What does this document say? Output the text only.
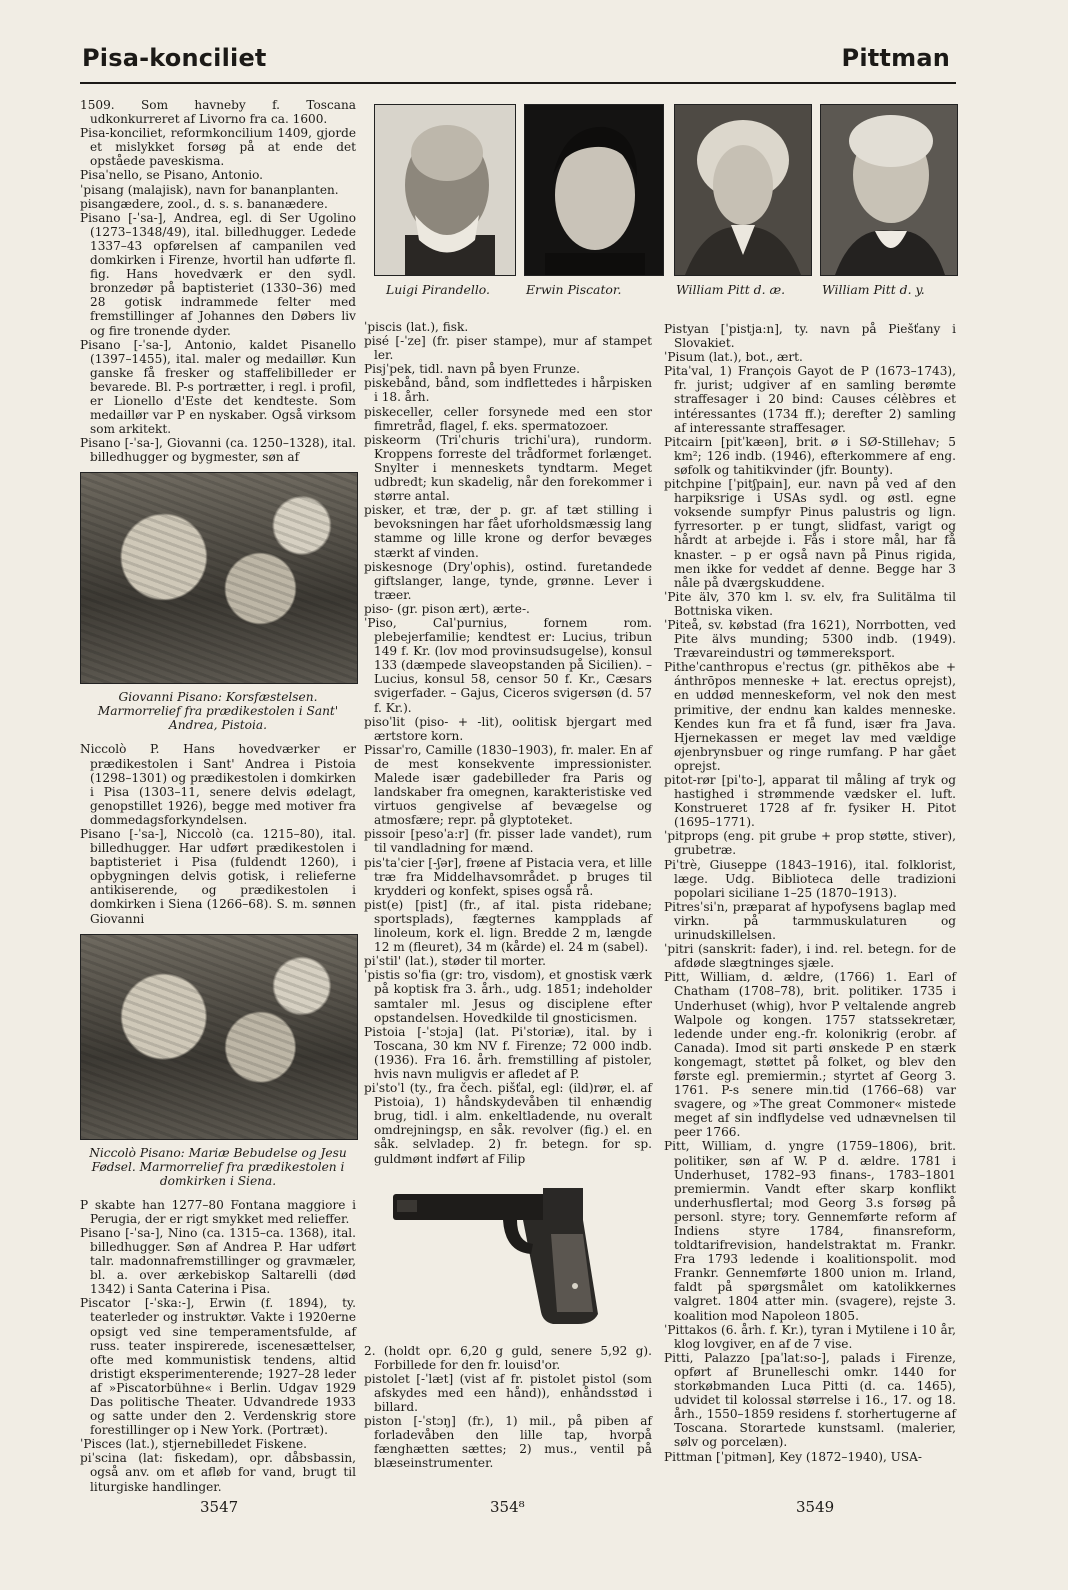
Pisa-konciliet	Pittman

1509. Som havneby f. Toscana udkonkurreret af Livorno fra ca. 1600.

Pisa-konciliet, reformkoncilium 1409, gjorde et mislykket forsøg på at ende det opståede paveskisma.

Pisaˈnello, se Pisano, Antonio.

ˈpisang (malajisk), navn for bananplanten.

pisangædere, zool., d. s. s. bananædere.

Pisano [-ˈsa-], Andrea, egl. di Ser Ugolino (1273–1348/49), ital. billedhugger. Ledede 1337–43 opførelsen af campanilen ved domkirken i Firenze, hvortil han udførte fl. fig. Hans hovedværk er den sydl. bronzedør på baptisteriet (1330–36) med 28 gotisk indrammede felter med fremstillinger af Johannes den Døbers liv og fire tronende dyder.

Pisano [-ˈsa-], Antonio, kaldet Pisanello (1397–1455), ital. maler og medaillør. Kun ganske få fresker og staffelibilleder er bevarede. Bl. P-s portrætter, i regl. i profil, er Lionello d'Este det kendteste. Som medaillør var P en nyskaber. Også virksom som arkitekt.

Pisano [-ˈsa-], Giovanni (ca. 1250–1328), ital. billedhugger og bygmester, søn af

Giovanni Pisano: Korsfæstelsen. Marmorrelief fra prædikestolen i Sant' Andrea, Pistoia.

Niccolò P. Hans hovedværker er prædikestolen i Sant' Andrea i Pistoia (1298–1301) og prædikestolen i domkirken i Pisa (1303–11, senere delvis ødelagt, genopstillet 1926), begge med motiver fra dommedagsforkyndelsen.

Pisano [-ˈsa-], Niccolò (ca. 1215–80), ital. billedhugger. Har udført prædikestolen i baptisteriet i Pisa (fuldendt 1260), i opbygningen delvis gotisk, i relieferne antikiserende, og prædikestolen i domkirken i Siena (1266–68). S. m. sønnen Giovanni

Niccolò Pisano: Mariæ Bebudelse og Jesu Fødsel. Marmorrelief fra prædikestolen i domkirken i Siena.

P skabte han 1277–80 Fontana maggiore i Perugia, der er rigt smykket med relieffer.

Pisano [-ˈsa-], Nino (ca. 1315–ca. 1368), ital. billedhugger. Søn af Andrea P. Har udført talr. madonnafremstillinger og gravmæler, bl. a. over ærkebiskop Saltarelli (død 1342) i Santa Caterina i Pisa.

Piscator [-ˈska:-], Erwin (f. 1894), ty. teaterleder og instruktør. Vakte i 1920erne opsigt ved sine temperamentsfulde, af russ. teater inspirerede, iscenesættelser, ofte med kommunistisk tendens, altid dristigt eksperimenterende; 1927–28 leder af »Piscatorbühne« i Berlin. Udgav 1929 Das politische Theater. Udvandrede 1933 og satte under den 2. Verdenskrig store forestillinger op i New York. (Portræt).

ˈPisces (lat.), stjernebilledet Fiskene.

piˈscina (lat: fiskedam), opr. dåbsbassin, også anv. om et afløb for vand, brugt til liturgiske handlinger.

Luigi Pirandello.	Erwin Piscator.	William Pitt d. æ.	William Pitt d. y.

ˈpiscis (lat.), fisk.

pisé [-ˈze] (fr. piser stampe), mur af stampet ler.

Pisjˈpek, tidl. navn på byen Frunze.

piskebånd, bånd, som indflettedes i hårpisken i 18. årh.

piskeceller, celler forsynede med een stor fimretråd, flagel, f. eks. spermatozoer.

piskeorm (Triˈchuris trichiˈura), rundorm. Kroppens forreste del trådformet forlænget. Snylter i menneskets tyndtarm. Meget udbredt; kun skadelig, når den forekommer i større antal.

pisker, et træ, der p. gr. af tæt stilling i bevoksningen har fået uforholdsmæssig lang stamme og lille krone og derfor bevæges stærkt af vinden.

piskesnoge (Dryˈophis), ostind. furetandede giftslanger, lange, tynde, grønne. Lever i træer.

piso- (gr. pison ært), ærte-.

ˈPiso, Calˈpurnius, fornem rom. plebejerfamilie; kendtest er: Lucius, tribun 149 f. Kr. (lov mod provinsudsugelse), konsul 133 (dæmpede slaveopstanden på Sicilien). – Lucius, konsul 58, censor 50 f. Kr., Cæsars svigerfader. – Gajus, Ciceros svigersøn (d. 57 f. Kr.).

pisoˈlit (piso- + -lit), oolitisk bjergart med ærtstore korn.

Pissarˈro, Camille (1830–1903), fr. maler. En af de mest konsekvente impressionister. Malede især gadebilleder fra Paris og landskaber fra omegnen, karakteristiske ved virtuos gengivelse af bevægelse og atmosfære; repr. på glyptoteket.

pissoir [pesoˈa:r] (fr. pisser lade vandet), rum til vandladning for mænd.

pisˈtaˈcier [-ʃər], frøene af Pistacia vera, et lille træ fra Middelhavsområdet. p bruges til krydderi og konfekt, spises også rå.

pist(e) [pist] (fr., af ital. pista ridebane; sportsplads), fægternes kampplads af linoleum, kork el. lign. Bredde 2 m, længde 12 m (fleuret), 34 m (kårde) el. 24 m (sabel).

piˈstil' (lat.), støder til morter.

ˈpistis soˈfia (gr: tro, visdom), et gnostisk værk på koptisk fra 3. årh., udg. 1851; indeholder samtaler ml. Jesus og disciplene efter opstandelsen. Hovedkilde til gnosticismen.

Pistoia [-ˈstɔja] (lat. Piˈstoriæ), ital. by i Toscana, 30 km NV f. Firenze; 72 000 indb. (1936). Fra 16. årh. fremstilling af pistoler, hvis navn muligvis er afledet af P.

piˈstoˈl (ty., fra čech. pišťal, egl: (ild)rør, el. af Pistoia), 1) håndskydevåben til enhændig brug, tidl. i alm. enkeltladende, nu overalt omdrejningsp, en såk. revolver (fig.) el. en såk. selvladep. 2) fr. betegn. for sp. guldmønt indført af Filip

2. (holdt opr. 6,20 g guld, senere 5,92 g). Forbillede for den fr. louisd'or.

pistolet [-ˈlæt] (vist af fr. pistolet pistol (som afskydes med een hånd)), enhåndsstød i billard.

piston [-ˈstɔŋ] (fr.), 1) mil., på piben af forladevåben den lille tap, hvorpå fænghætten sættes; 2) mus., ventil på blæseinstrumenter.

Pistyan [ˈpistja:n], ty. navn på Piešťany i Slovakiet.

ˈPisum (lat.), bot., ært.

Pitaˈval, 1) François Gayot de P (1673–1743), fr. jurist; udgiver af en samling berømte straffesager i 20 bind: Causes célèbres et intéressantes (1734 ff.); derefter 2) samling af interessante straffesager.

Pitcairn [pitˈkæən], brit. ø i SØ-Stillehav; 5 km²; 126 indb. (1946), efterkommere af eng. søfolk og tahitikvinder (jfr. Bounty).

pitchpine [ˈpitʃpain], eur. navn på ved af den harpiksrige i USAs sydl. og østl. egne voksende sumpfyr Pinus palustris og lign. fyrresorter. p er tungt, slidfast, varigt og hårdt at arbejde i. Fås i store mål, har få knaster. – p er også navn på Pinus rigida, men ikke for veddet af denne. Begge har 3 nåle på dværgskuddene.

ˈPite älv, 370 km l. sv. elv, fra Sulitälma til Bottniska viken.

ˈPiteå, sv. købstad (fra 1621), Norrbotten, ved Pite älvs munding; 5300 indb. (1949). Trævareindustri og tømmereksport.

Pitheˈcanthropus eˈrectus (gr. pithēkos abe + ánthrōpos menneske + lat. erectus oprejst), en uddød menneskeform, vel nok den mest primitive, der endnu kan kaldes menneske. Kendes kun fra et få fund, især fra Java. Hjernekassen er meget lav med vældige øjenbrynsbuer og ringe rumfang. P har gået oprejst.

pitot-rør [piˈto-], apparat til måling af tryk og hastighed i strømmende vædsker el. luft. Konstrueret 1728 af fr. fysiker H. Pitot (1695–1771).

ˈpitprops (eng. pit grube + prop støtte, stiver), grubetræ.

Piˈtrè, Giuseppe (1843–1916), ital. folklorist, læge. Udg. Biblioteca delle tradizioni popolari siciliane 1–25 (1870–1913).

Pitresˈsiˈn, præparat af hypofysens baglap med virkn. på tarmmuskulaturen og urinudskillelsen.

ˈpitri (sanskrit: fader), i ind. rel. betegn. for de afdøde slægtninges sjæle.

Pitt, William, d. ældre, (1766) 1. Earl of Chatham (1708–78), brit. politiker. 1735 i Underhuset (whig), hvor P veltalende angreb Walpole og kongen. 1757 statssekretær, ledende under eng.-fr. kolonikrig (erobr. af Canada). Imod sit parti ønskede P en stærk kongemagt, støttet på folket, og blev den første egl. premiermin.; styrtet af Georg 3. 1761. P-s senere min.tid (1766–68) var svagere, og »The great Commoner« mistede meget af sin indflydelse ved udnævnelsen til peer 1766.

Pitt, William, d. yngre (1759–1806), brit. politiker, søn af W. P d. ældre. 1781 i Underhuset, 1782–93 finans-, 1783–1801 premiermin. Vandt efter skarp konflikt underhusflertal; mod Georg 3.s forsøg på personl. styre; tory. Gennemførte reform af Indiens styre 1784, finansreform, toldtarifrevision, handelstraktat m. Frankr. Fra 1793 ledende i koalitionspolit. mod Frankr. Gennemførte 1800 union m. Irland, faldt på spørgsmålet om katolikkernes valgret. 1804 atter min. (svagere), rejste 3. koalition mod Napoleon 1805.

ˈPittakos (6. årh. f. Kr.), tyran i Mytilene i 10 år, klog lovgiver, en af de 7 vise.

Pitti, Palazzo [paˈlat:so-], palads i Firenze, opført af Brunelleschi omkr. 1440 for storkøbmanden Luca Pitti (d. ca. 1465), udvidet til kolossal størrelse i 16., 17. og 18. årh., 1550–1859 residens f. storhertugerne af Toscana. Storartede kunstsaml. (malerier, sølv og porcelæn).

Pittman [ˈpitmən], Key (1872–1940), USA-

3547	354⁸	3549
